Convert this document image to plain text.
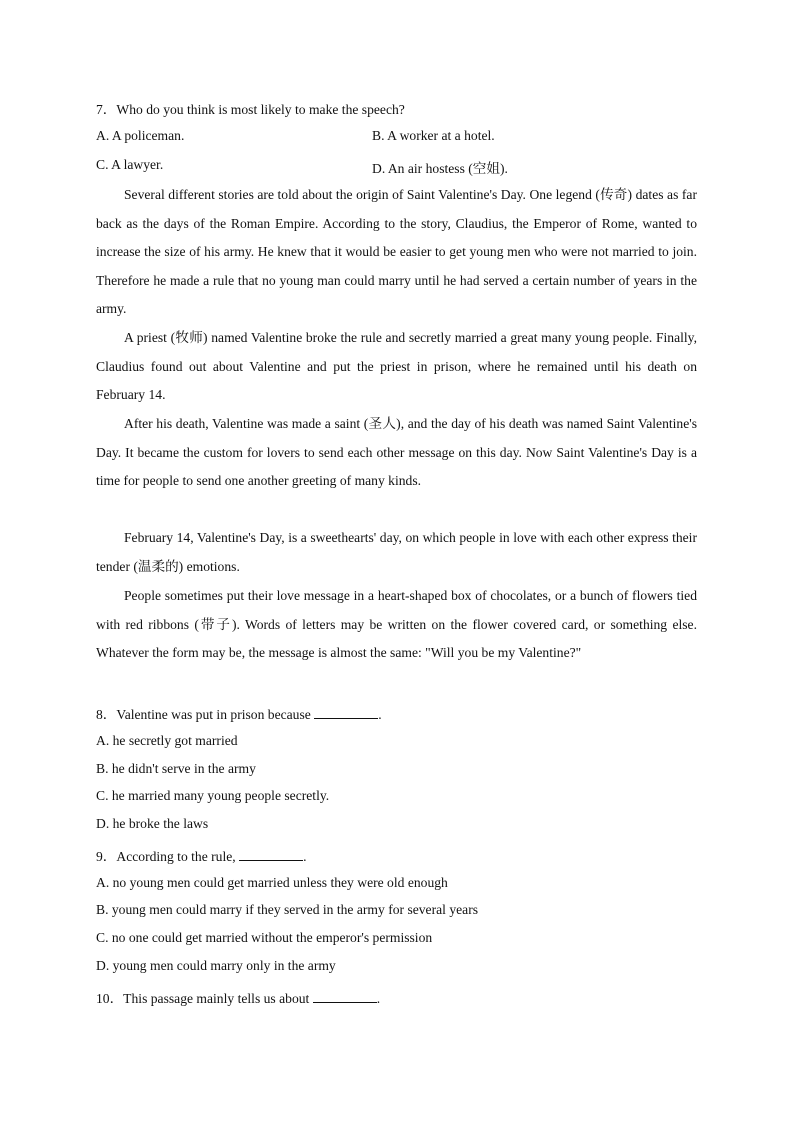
7．Who do you think is most likely to make the speech?
A. A policeman.	B. A worker at a hotel.
C. A lawyer.	D. An air hostess (空姐).
Several different stories are told about the origin of Saint Valentine's Day. One legend (传奇) dates as far back as the days of the Roman Empire. According to the story, Claudius, the Emperor of Rome, wanted to increase the size of his army. He knew that it would be easier to get young men who were not married to join. Therefore he made a rule that no young man could marry until he had served a certain number of years in the army.
A priest (牧师) named Valentine broke the rule and secretly married a great many young people. Finally, Claudius found out about Valentine and put the priest in prison, where he remained until his death on February 14.
After his death, Valentine was made a saint (圣人), and the day of his death was named Saint Valentine's Day. It became the custom for lovers to send each other message on this day. Now Saint Valentine's Day is a time for people to send one another greeting of many kinds.
February 14, Valentine's Day, is a sweethearts' day, on which people in love with each other express their tender (温柔的) emotions.
People sometimes put their love message in a heart-shaped box of chocolates, or a bunch of flowers tied with red ribbons (带子). Words of letters may be written on the flower covered card, or something else. Whatever the form may be, the message is almost the same: "Will you be my Valentine?"
8．Valentine was put in prison because	.
A. he secretly got married
B. he didn't serve in the army
C. he married many young people secretly.
D. he broke the laws
9．According to the rule,	.
A. no young men could get married unless they were old enough
B. young men could marry if they served in the army for several years
C. no one could get married without the emperor's permission
D. young men could marry only in the army
10．This passage mainly tells us about	.
